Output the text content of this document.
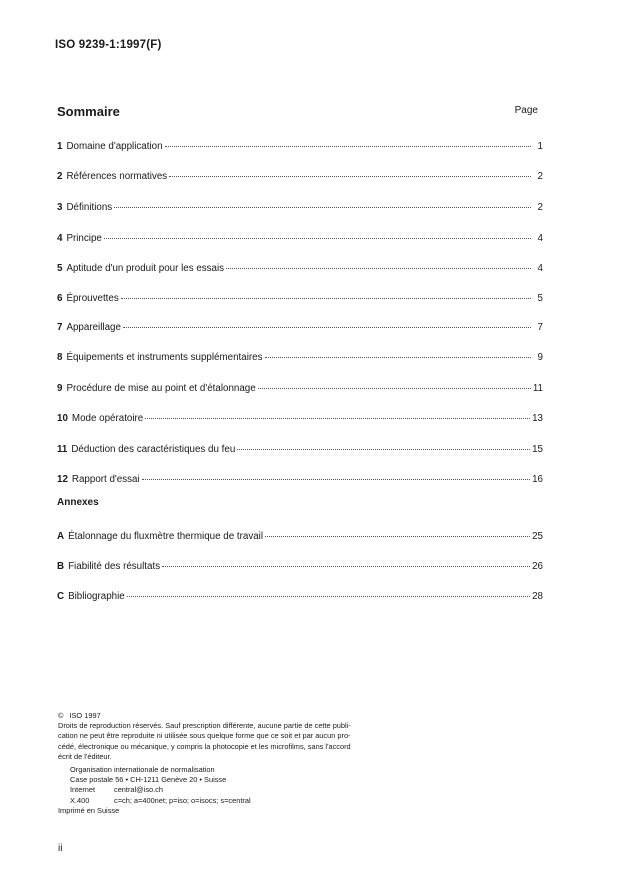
ISO 9239-1:1997(F)
Sommaire	Page
1 Domaine d'application	1
2 Références normatives	2
3 Définitions	2
4 Principe	4
5 Aptitude d'un produit pour les essais	4
6 Éprouvettes	5
7 Appareillage	7
8 Équipements et instruments supplémentaires	9
9 Procédure de mise au point et d'étalonnage	11
10 Mode opératoire	13
11 Déduction des caractéristiques du feu	15
12 Rapport d'essai	16
A Étalonnage du fluxmètre thermique de travail	25
B Fiabilité des résultats	26
C Bibliographie	28
Annexes

© ISO 1997

Droits de reproduction réservés. Sauf prescription différente, aucune partie de cette publi-

cation ne peut être reproduite ni utilisée sous quelque forme que ce soit et par aucun pro-

cédé, électronique ou mécanique, y compris la photocopie et les microfilms, sans l'accord

écrit de l'éditeur.

Organisation internationale de normalisation

Case postale 56 • CH-1211 Genève 20 • Suisse

Internet	central@iso.ch

X.400	c=ch; a=400net; p=iso; o=isocs; s=central

Imprimé en Suisse

ii
